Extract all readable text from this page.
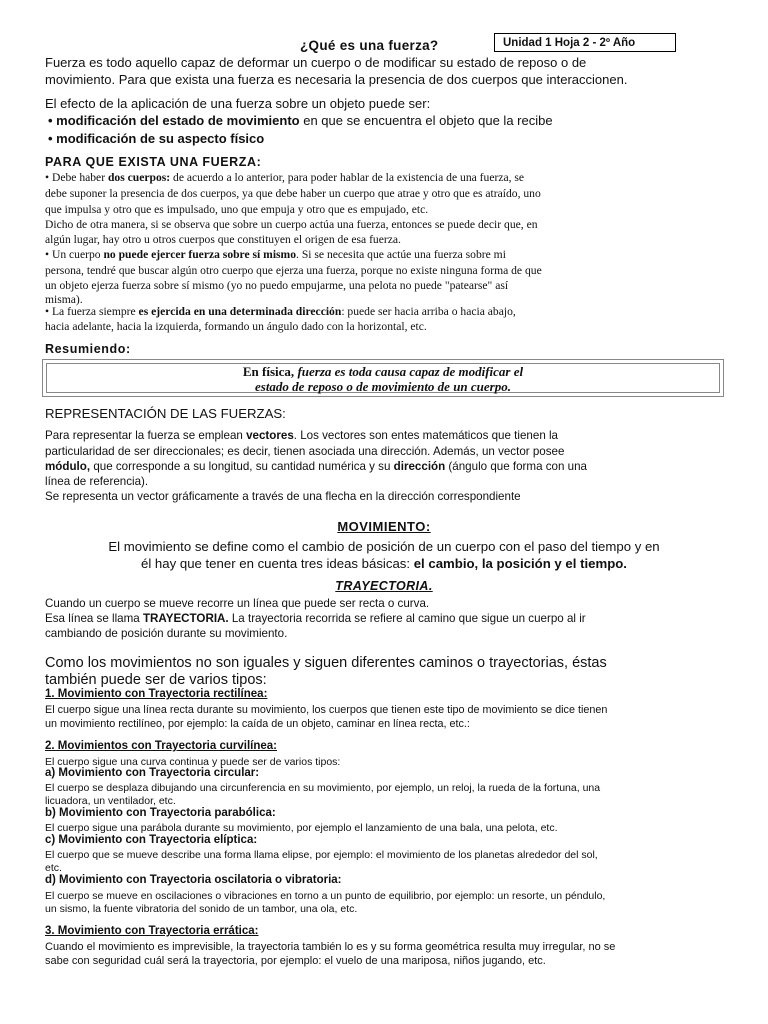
¿Qué es una fuerza?	Unidad 1 Hoja 2 - 2º Año
Fuerza es todo aquello capaz de deformar un cuerpo o de modificar su estado de reposo o de
movimiento. Para que exista una fuerza es necesaria la presencia de dos cuerpos que interaccionen.
El efecto de la aplicación de una fuerza sobre un objeto puede ser:
• modificación del estado de movimiento en que se encuentra el objeto que la recibe
• modificación de su aspecto físico
PARA QUE EXISTA UNA FUERZA:
• Debe haber dos cuerpos: de acuerdo a lo anterior, para poder hablar de la existencia de una fuerza, se
debe suponer la presencia de dos cuerpos, ya que debe haber un cuerpo que atrae y otro que es atraído, uno
que impulsa y otro que es impulsado, uno que empuja y otro que es empujado, etc.
Dicho de otra manera, si se observa que sobre un cuerpo actúa una fuerza, entonces se puede decir que, en
algún lugar, hay otro u otros cuerpos que constituyen el origen de esa fuerza.
• Un cuerpo no puede ejercer fuerza sobre sí mismo. Si se necesita que actúe una fuerza sobre mi
persona, tendré que buscar algún otro cuerpo que ejerza una fuerza, porque no existe ninguna forma de que
un objeto ejerza fuerza sobre sí mismo (yo no puedo empujarme, una pelota no puede "patearse" así
misma).
• La fuerza siempre es ejercida en una determinada dirección: puede ser hacia arriba o hacia abajo,
hacia adelante, hacia la izquierda, formando un ángulo dado con la horizontal, etc.
Resumiendo:
En física, fuerza es toda causa capaz de modificar el
estado de reposo o de movimiento de un cuerpo.
REPRESENTACIÓN DE LAS FUERZAS:
Para representar la fuerza se emplean vectores. Los vectores son entes matemáticos que tienen la
particularidad de ser direccionales; es decir, tienen asociada una dirección. Además, un vector posee
módulo, que corresponde a su longitud, su cantidad numérica y su dirección (ángulo que forma con una
línea de referencia).
Se representa un vector gráficamente a través de una flecha en la dirección correspondiente
MOVIMIENTO:
El movimiento se define como el cambio de posición de un cuerpo con el paso del tiempo y en
él hay que tener en cuenta tres ideas básicas: el cambio, la posición y el tiempo.
TRAYECTORIA.
Cuando un cuerpo se mueve recorre un línea que puede ser recta o curva.
Esa línea se llama TRAYECTORIA. La trayectoria recorrida se refiere al camino que sigue un cuerpo al ir
cambiando de posición durante su movimiento.
Como los movimientos no son iguales y siguen diferentes caminos o trayectorias, éstas
también puede ser de varios tipos:
1. Movimiento con Trayectoria rectilínea:
El cuerpo sigue una línea recta durante su movimiento, los cuerpos que tienen este tipo de movimiento se dice tienen
un movimiento rectilíneo, por ejemplo: la caída de un objeto, caminar en línea recta, etc.:
2. Movimientos con Trayectoria curvilínea:
El cuerpo sigue una curva continua y puede ser de varios tipos:
a) Movimiento con Trayectoria circular:
El cuerpo se desplaza dibujando una circunferencia en su movimiento, por ejemplo, un reloj, la rueda de la fortuna, una
licuadora, un ventilador, etc.
b) Movimiento con Trayectoria parabólica:
El cuerpo sigue una parábola durante su movimiento, por ejemplo el lanzamiento de una bala, una pelota, etc.
c) Movimiento con Trayectoria elíptica:
El cuerpo que se mueve describe una forma llama elipse, por ejemplo: el movimiento de los planetas alrededor del sol,
etc.
d) Movimiento con Trayectoria oscilatoria o vibratoria:
El cuerpo se mueve en oscilaciones o vibraciones en torno a un punto de equilibrio, por ejemplo: un resorte, un péndulo,
un sismo, la fuente vibratoria del sonido de un tambor, una ola, etc.
3. Movimiento con Trayectoria errática:
Cuando el movimiento es imprevisible, la trayectoria también lo es y su forma geométrica resulta muy irregular, no se
sabe con seguridad cuál será la trayectoria, por ejemplo: el vuelo de una mariposa, niños jugando, etc.
